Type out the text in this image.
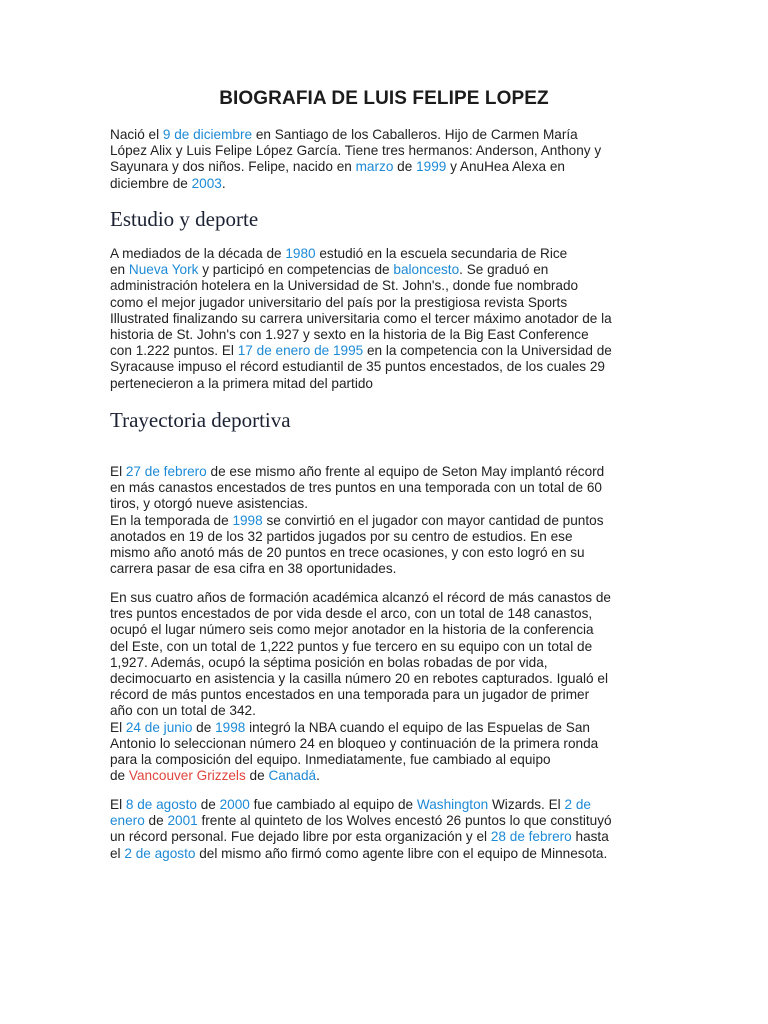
BIOGRAFIA DE LUIS FELIPE LOPEZ

Nació el 9 de diciembre en Santiago de los Caballeros. Hijo de Carmen María
López Alix y Luis Felipe López García. Tiene tres hermanos: Anderson, Anthony y
Sayunara y dos niños. Felipe, nacido en marzo de 1999 y AnuHea Alexa en
diciembre de 2003.

Estudio y deporte

A mediados de la década de 1980 estudió en la escuela secundaria de Rice
en Nueva York y participó en competencias de baloncesto. Se graduó en
administración hotelera en la Universidad de St. John's., donde fue nombrado
como el mejor jugador universitario del país por la prestigiosa revista Sports
Illustrated finalizando su carrera universitaria como el tercer máximo anotador de la
historia de St. John's con 1.927 y sexto en la historia de la Big East Conference
con 1.222 puntos. El 17 de enero de 1995 en la competencia con la Universidad de
Syracause impuso el récord estudiantil de 35 puntos encestados, de los cuales 29
pertenecieron a la primera mitad del partido

Trayectoria deportiva

El 27 de febrero de ese mismo año frente al equipo de Seton May implantó récord
en más canastos encestados de tres puntos en una temporada con un total de 60
tiros, y otorgó nueve asistencias.
En la temporada de 1998 se convirtió en el jugador con mayor cantidad de puntos
anotados en 19 de los 32 partidos jugados por su centro de estudios. En ese
mismo año anotó más de 20 puntos en trece ocasiones, y con esto logró en su
carrera pasar de esa cifra en 38 oportunidades.

En sus cuatro años de formación académica alcanzó el récord de más canastos de
tres puntos encestados de por vida desde el arco, con un total de 148 canastos,
ocupó el lugar número seis como mejor anotador en la historia de la conferencia
del Este, con un total de 1,222 puntos y fue tercero en su equipo con un total de
1,927. Además, ocupó la séptima posición en bolas robadas de por vida,
decimocuarto en asistencia y la casilla número 20 en rebotes capturados. Igualó el
récord de más puntos encestados en una temporada para un jugador de primer
año con un total de 342.
El 24 de junio de 1998 integró la NBA cuando el equipo de las Espuelas de San
Antonio lo seleccionan número 24 en bloqueo y continuación de la primera ronda
para la composición del equipo. Inmediatamente, fue cambiado al equipo
de Vancouver Grizzels de Canadá.

El 8 de agosto de 2000 fue cambiado al equipo de Washington Wizards. El 2 de
enero de 2001 frente al quinteto de los Wolves encestó 26 puntos lo que constituyó
un récord personal. Fue dejado libre por esta organización y el 28 de febrero hasta
el 2 de agosto del mismo año firmó como agente libre con el equipo de Minnesota.
